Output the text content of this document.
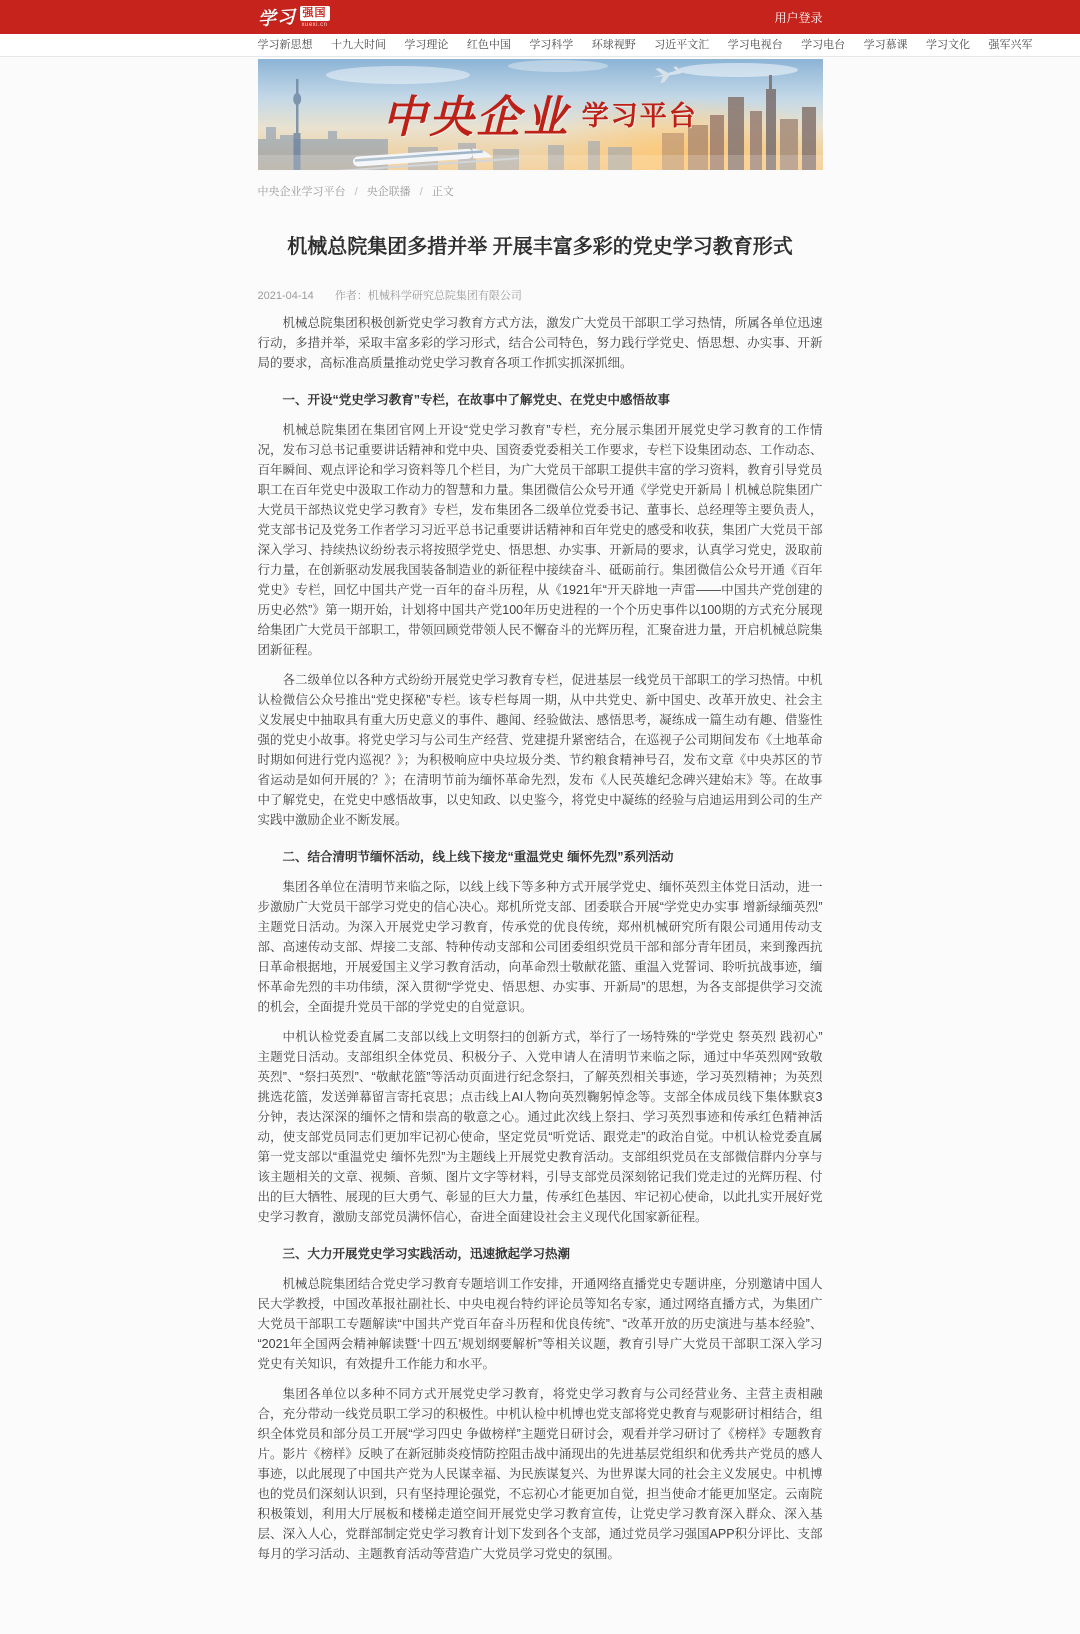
学习 强国
xuexi.cn
用户登录
学习新思想 十九大时间 学习理论 红色中国 学习科学 环球视野 习近平文汇 学习电视台 学习电台 学习慕课 学习文化 强军兴军
中央企业 学习平台
中央企业学习平台 / 央企联播 / 正文
机械总院集团多措并举 开展丰富多彩的党史学习教育形式
2021-04-14 作者：机械科学研究总院集团有限公司

机械总院集团积极创新党史学习教育方式方法，激发广大党员干部职工学习热情，所属各单位迅速行动，多措并举，采取丰富多彩的学习形式，结合公司特色，努力践行学党史、悟思想、办实事、开新局的要求，高标准高质量推动党史学习教育各项工作抓实抓深抓细。

一、开设“党史学习教育”专栏，在故事中了解党史、在党史中感悟故事

机械总院集团在集团官网上开设“党史学习教育”专栏，充分展示集团开展党史学习教育的工作情况，发布习总书记重要讲话精神和党中央、国资委党委相关工作要求，专栏下设集团动态、工作动态、百年瞬间、观点评论和学习资料等几个栏目，为广大党员干部职工提供丰富的学习资料，教育引导党员职工在百年党史中汲取工作动力的智慧和力量。集团微信公众号开通《学党史开新局丨机械总院集团广大党员干部热议党史学习教育》专栏，发布集团各二级单位党委书记、董事长、总经理等主要负责人，党支部书记及党务工作者学习习近平总书记重要讲话精神和百年党史的感受和收获，集团广大党员干部深入学习、持续热议纷纷表示将按照学党史、悟思想、办实事、开新局的要求，认真学习党史，汲取前行力量，在创新驱动发展我国装备制造业的新征程中接续奋斗、砥砺前行。集团微信公众号开通《百年党史》专栏，回忆中国共产党一百年的奋斗历程，从《1921年“开天辟地一声雷——中国共产党创建的历史必然”》第一期开始，计划将中国共产党100年历史进程的一个个历史事件以100期的方式充分展现给集团广大党员干部职工，带领回顾党带领人民不懈奋斗的光辉历程，汇聚奋进力量，开启机械总院集团新征程。

各二级单位以各种方式纷纷开展党史学习教育专栏，促进基层一线党员干部职工的学习热情。中机认检微信公众号推出“党史探秘”专栏。该专栏每周一期，从中共党史、新中国史、改革开放史、社会主义发展史中抽取具有重大历史意义的事件、趣闻、经验做法、感悟思考，凝练成一篇生动有趣、借鉴性强的党史小故事。将党史学习与公司生产经营、党建提升紧密结合，在巡视子公司期间发布《土地革命时期如何进行党内巡视？》；为积极响应中央垃圾分类、节约粮食精神号召，发布文章《中央苏区的节省运动是如何开展的？》；在清明节前为缅怀革命先烈，发布《人民英雄纪念碑兴建始末》等。在故事中了解党史，在党史中感悟故事，以史知政、以史鉴今，将党史中凝练的经验与启迪运用到公司的生产实践中激励企业不断发展。

二、结合清明节缅怀活动，线上线下接龙“重温党史 缅怀先烈”系列活动

集团各单位在清明节来临之际，以线上线下等多种方式开展学党史、缅怀英烈主体党日活动，进一步激励广大党员干部学习党史的信心决心。郑机所党支部、团委联合开展“学党史办实事 增新绿缅英烈”主题党日活动。为深入开展党史学习教育，传承党的优良传统，郑州机械研究所有限公司通用传动支部、高速传动支部、焊接二支部、特种传动支部和公司团委组织党员干部和部分青年团员，来到豫西抗日革命根据地，开展爱国主义学习教育活动，向革命烈士敬献花篮、重温入党誓词、聆听抗战事迹，缅怀革命先烈的丰功伟绩，深入贯彻“学党史、悟思想、办实事、开新局”的思想，为各支部提供学习交流的机会，全面提升党员干部的学党史的自觉意识。

中机认检党委直属二支部以线上文明祭扫的创新方式，举行了一场特殊的“学党史 祭英烈 践初心”主题党日活动。支部组织全体党员、积极分子、入党申请人在清明节来临之际，通过中华英烈网“致敬英烈”、“祭扫英烈”、“敬献花篮”等活动页面进行纪念祭扫，了解英烈相关事迹，学习英烈精神；为英烈挑选花篮，发送弹幕留言寄托哀思；点击线上AI人物向英烈鞠躬悼念等。支部全体成员线下集体默哀3分钟，表达深深的缅怀之情和崇高的敬意之心。通过此次线上祭扫、学习英烈事迹和传承红色精神活动，使支部党员同志们更加牢记初心使命，坚定党员“听党话、跟党走”的政治自觉。中机认检党委直属第一党支部以“重温党史 缅怀先烈”为主题线上开展党史教育活动。支部组织党员在支部微信群内分享与该主题相关的文章、视频、音频、图片文字等材料，引导支部党员深刻铭记我们党走过的光辉历程、付出的巨大牺牲、展现的巨大勇气、彰显的巨大力量，传承红色基因、牢记初心使命，以此扎实开展好党史学习教育，激励支部党员满怀信心，奋进全面建设社会主义现代化国家新征程。

三、大力开展党史学习实践活动，迅速掀起学习热潮

机械总院集团结合党史学习教育专题培训工作安排，开通网络直播党史专题讲座，分别邀请中国人民大学教授，中国改革报社副社长、中央电视台特约评论员等知名专家，通过网络直播方式，为集团广大党员干部职工专题解读“中国共产党百年奋斗历程和优良传统”、“改革开放的历史演进与基本经验”、“2021年全国两会精神解读暨‘十四五’规划纲要解析”等相关议题，教育引导广大党员干部职工深入学习党史有关知识，有效提升工作能力和水平。

集团各单位以多种不同方式开展党史学习教育，将党史学习教育与公司经营业务、主营主责相融合，充分带动一线党员职工学习的积极性。中机认检中机博也党支部将党史教育与观影研讨相结合，组织全体党员和部分员工开展“学习四史 争做榜样”主题党日研讨会，观看并学习研讨了《榜样》专题教育片。影片《榜样》反映了在新冠肺炎疫情防控阻击战中涌现出的先进基层党组织和优秀共产党员的感人事迹，以此展现了中国共产党为人民谋幸福、为民族谋复兴、为世界谋大同的社会主义发展史。中机博也的党员们深刻认识到，只有坚持理论强党，不忘初心才能更加自觉，担当使命才能更加坚定。云南院积极策划，利用大厅展板和楼梯走道空间开展党史学习教育宣传，让党史学习教育深入群众、深入基层、深入人心，党群部制定党史学习教育计划下发到各个支部，通过党员学习强国APP积分评比、支部每月的学习活动、主题教育活动等营造广大党员学习党史的氛围。
